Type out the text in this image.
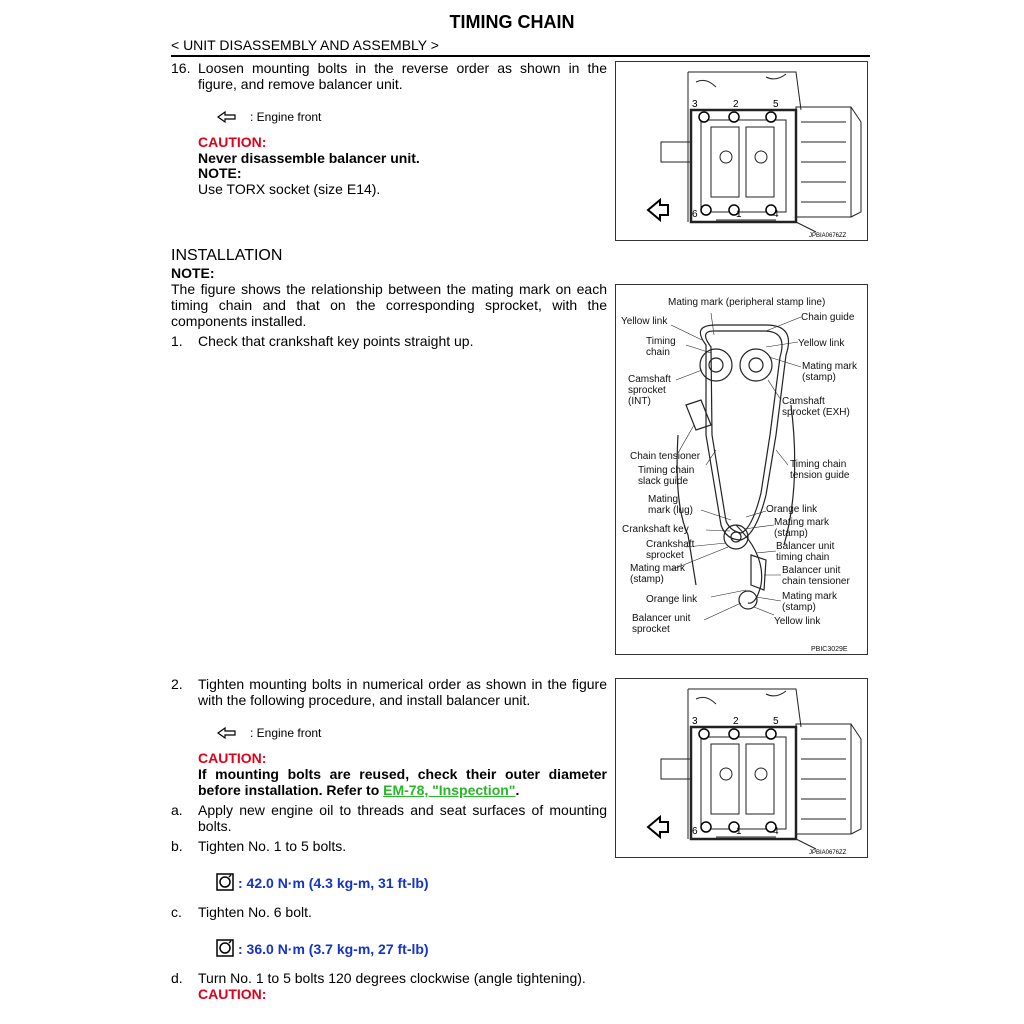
TIMING CHAIN
< UNIT DISASSEMBLY AND ASSEMBLY >
16. Loosen mounting bolts in the reverse order as shown in the figure, and remove balancer unit.
: Engine front
CAUTION:
Never disassemble balancer unit.
NOTE:
Use TORX socket (size E14).
3	2	5
6	1	4
JPBIA0676ZZ
INSTALLATION
NOTE:
The figure shows the relationship between the mating mark on each timing chain and that on the corresponding sprocket, with the components installed.
1. Check that crankshaft key points straight up.
Mating mark (peripheral stamp line)
Yellow link	Chain guide
Timing
chain
Yellow link
Mating mark
(stamp)
Camshaft
sprocket
(INT)	Camshaft
sprocket (EXH)
Chain tensioner
Timing chain
slack guide
Timing chain
tension guide
Mating
mark (lug)	Orange link
Crankshaft key
Mating mark
(stamp)
Crankshaft
sprocket
Balancer unit
timing chain
Mating mark
(stamp)
Balancer unit
chain tensioner
Orange link	Mating mark
(stamp)
Balancer unit
sprocket
Yellow link
PBIC3029E
2. Tighten mounting bolts in numerical order as shown in the figure with the following procedure, and install balancer unit.
: Engine front
CAUTION:
If mounting bolts are reused, check their outer diameter before installation. Refer to EM-78, "Inspection".
a. Apply new engine oil to threads and seat surfaces of mounting bolts.
b. Tighten No. 1 to 5 bolts.
: 42.0 N·m (4.3 kg-m, 31 ft-lb)
c. Tighten No. 6 bolt.
: 36.0 N·m (3.7 kg-m, 27 ft-lb)
d. Turn No. 1 to 5 bolts 120 degrees clockwise (angle tightening).
CAUTION:
3	2	5
6	1	4
JPBIA0676ZZ
